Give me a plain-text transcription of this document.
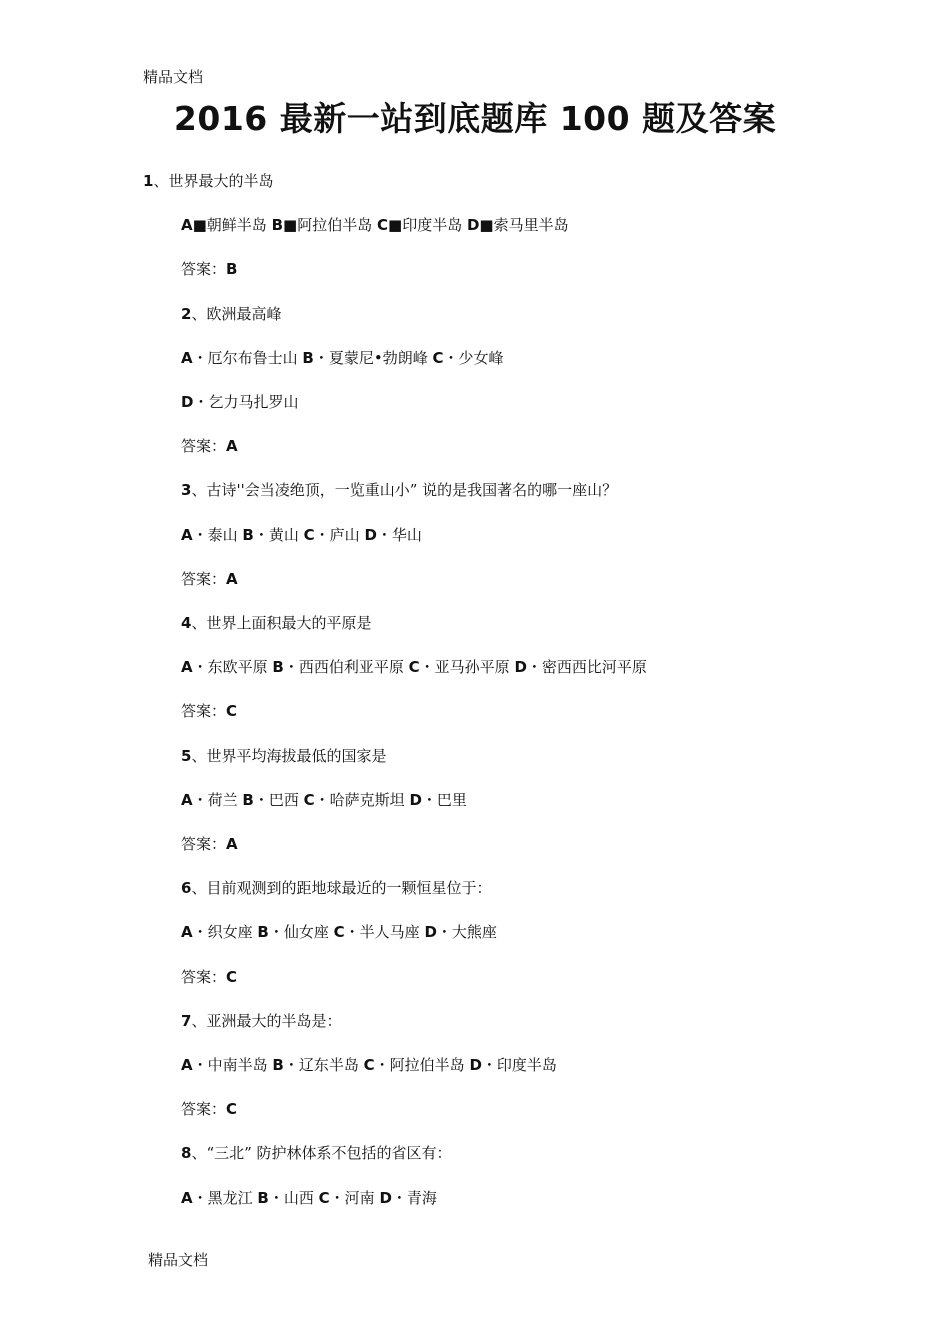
精品文档
2016 最新一站到底题库 100 题及答案
1、世界最大的半岛
A■朝鲜半岛 B■阿拉伯半岛 C■印度半岛 D■索马里半岛
答案：B
2、欧洲最高峰
A・厄尔布鲁士山 B・夏蒙尼•勃朗峰 C・少女峰
D・乞力马扎罗山
答案：A
3、古诗''会当凌绝顶，一览重山小” 说的是我国著名的哪一座山？
A・泰山 B・黄山 C・庐山 D・华山
答案：A
4、世界上面积最大的平原是
A・东欧平原 B・西西伯利亚平原 C・亚马孙平原 D・密西西比河平原
答案：C
5、世界平均海拔最低的国家是
A・荷兰 B・巴西 C・哈萨克斯坦 D・巴里
答案：A
6、目前观测到的距地球最近的一颗恒星位于：
A・织女座 B・仙女座 C・半人马座 D・大熊座
答案：C
7、亚洲最大的半岛是：
A・中南半岛 B・辽东半岛 C・阿拉伯半岛 D・印度半岛
答案：C
8、“三北” 防护林体系不包括的省区有：
A・黑龙江 B・山西 C・河南 D・青海
精品文档
